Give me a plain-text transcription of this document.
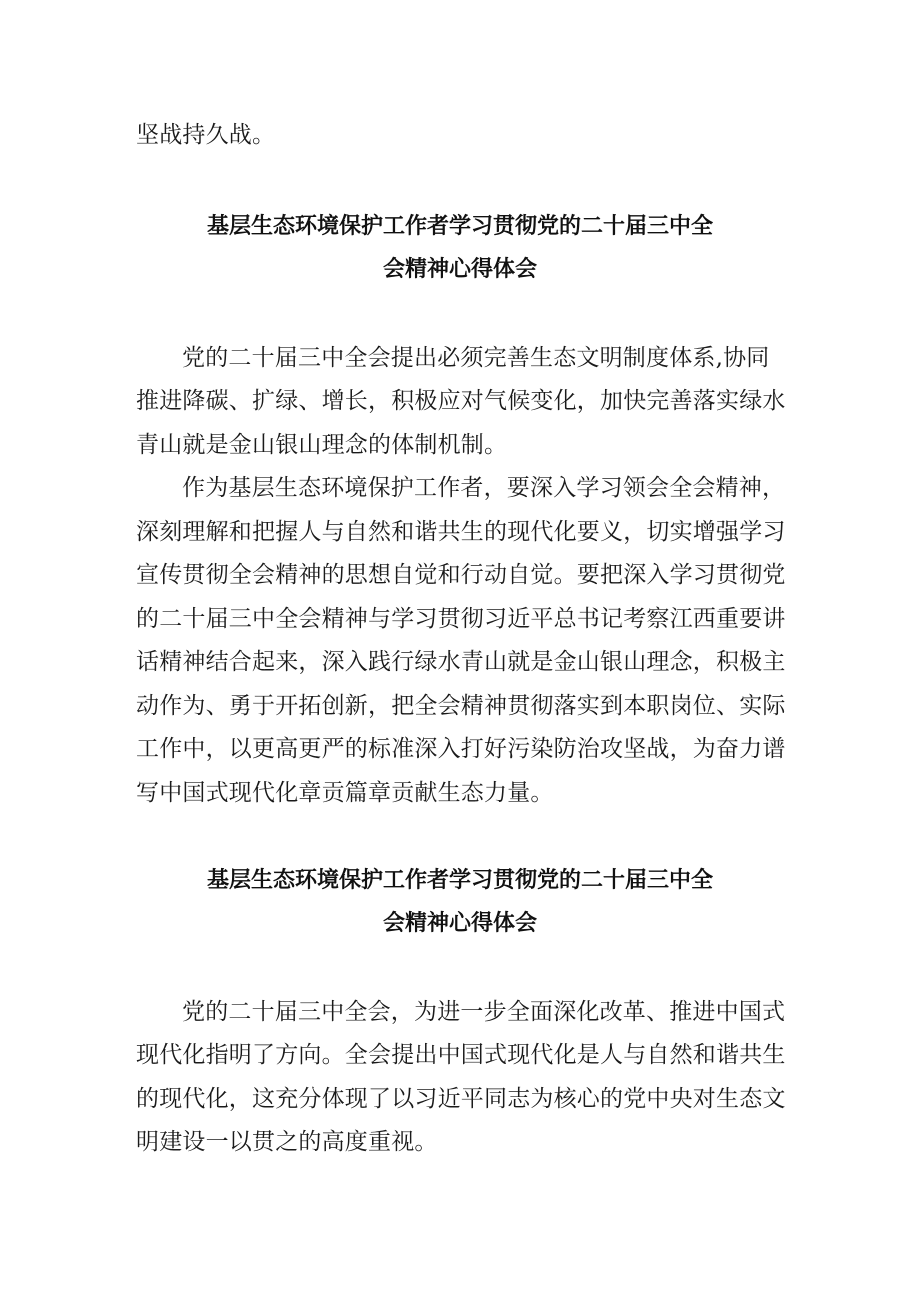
坚战持久战。
基层生态环境保护工作者学习贯彻党的二十届三中全
会精神心得体会
党的二十届三中全会提出必须完善生态文明制度体系,协同
推进降碳、扩绿、增长，积极应对气候变化，加快完善落实绿水
青山就是金山银山理念的体制机制。
作为基层生态环境保护工作者，要深入学习领会全会精神，
深刻理解和把握人与自然和谐共生的现代化要义，切实增强学习
宣传贯彻全会精神的思想自觉和行动自觉。要把深入学习贯彻党
的二十届三中全会精神与学习贯彻习近平总书记考察江西重要讲
话精神结合起来，深入践行绿水青山就是金山银山理念，积极主
动作为、勇于开拓创新，把全会精神贯彻落实到本职岗位、实际
工作中，以更高更严的标准深入打好污染防治攻坚战，为奋力谱
写中国式现代化章贡篇章贡献生态力量。
基层生态环境保护工作者学习贯彻党的二十届三中全
会精神心得体会
党的二十届三中全会，为进一步全面深化改革、推进中国式
现代化指明了方向。全会提出中国式现代化是人与自然和谐共生
的现代化，这充分体现了以习近平同志为核心的党中央对生态文
明建设一以贯之的高度重视。
